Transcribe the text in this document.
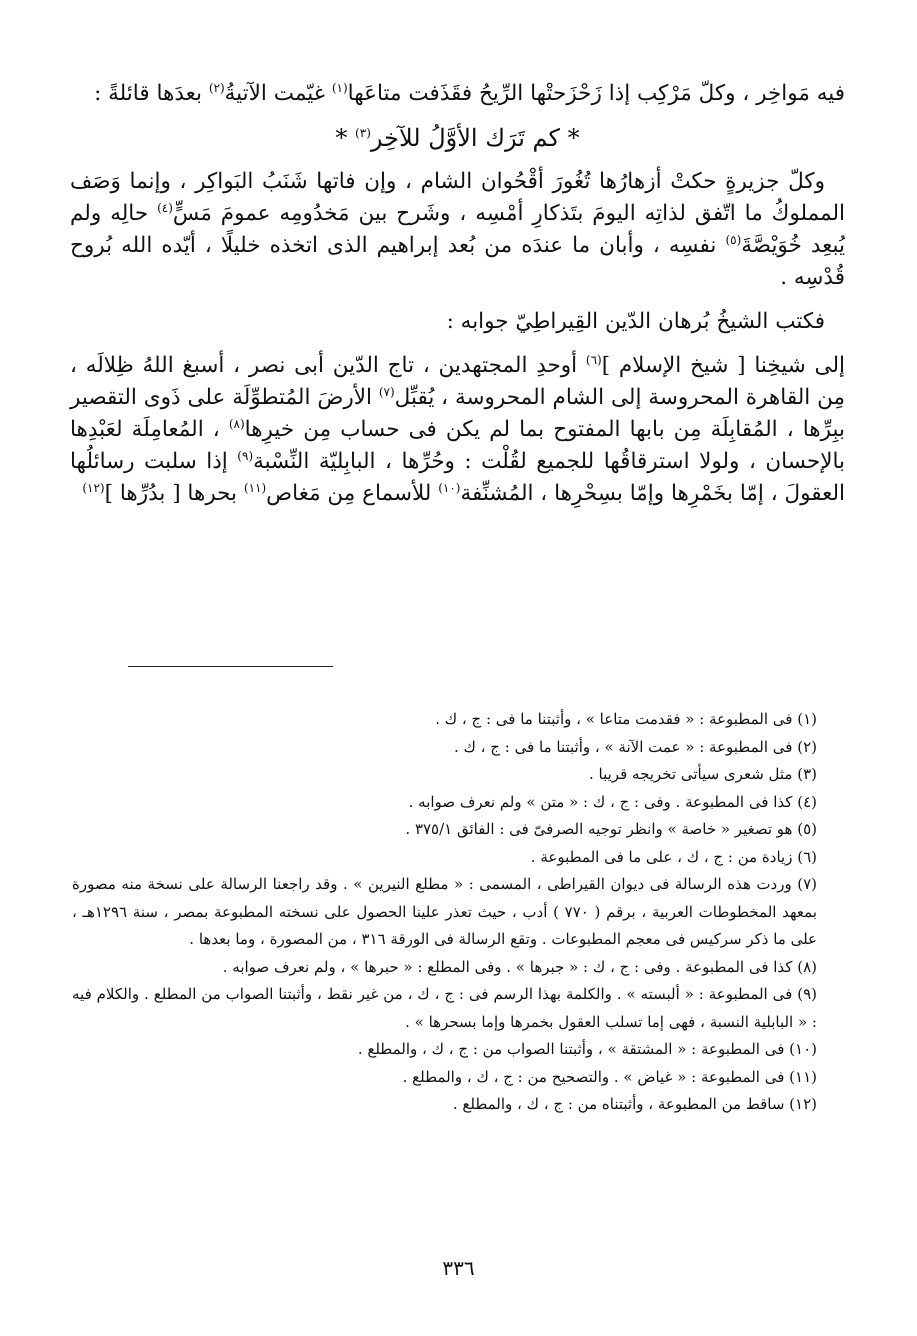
فيه مَواخِر ، وكلّ مَرْكِب إذا زَحْزَحتْها الرِّيحُ فقَذَفت متاعَها$^{(١)}$ غيّمت الآتيةُ$^{(٢)}$ بعدَها قائلةً :

* كم تَرَك الأوَّلُ للآخِر$^{(٣)}$ *

وكلّ جزيرةٍ حكتْ أزهارُها تُغُورَ أقْحُوان الشام ، وإن فاتها شَنَبُ البَواكِر ، وإنما وَصَف المملوكُ ما اتّفق لذاتِه اليومَ بتَذكارِ أمْسِه ، وشَرح بين مَخدُومِه عمومَ مَسٍّ$^{(٤)}$ حالِه ولم يُبعِد خُوَيْصَّةَ$^{(٥)}$ نفسِه ، وأبان ما عندَه من بُعد إبراهيم الذى اتخذه خليلًا ، أيّده الله بُروح قُدْسِه .

فكتب الشيخُ بُرهان الدّين القِيراطِيّ جوابه :

إلى شيخِنا [ شيخ الإسلام ]$^{(٦)}$ أوحدِ المجتهدين ، تاج الدّين أبى نصر ، أسبغ اللهُ ظِلالَه ، مِن القاهرة المحروسة إلى الشام المحروسة ، يُقبِّل$^{(٧)}$ الأرضَ المُتطوِّلَة على ذَوى التقصير ببِرِّها ، المُقابِلَة مِن بابها المفتوح بما لم يكن فى حساب مِن خيرِها$^{(٨)}$ ، المُعامِلَة لعَبْدِها بالإحسان ، ولولا استرقاقُها للجميع لقُلْت : وحُرِّها ، البابِليّة النِّسْبة$^{(٩)}$ إذا سلبت رسائلُها العقولَ ، إمّا بخَمْرِها وإمّا بسِحْرِها ، المُشنِّفة$^{(١٠)}$ للأسماع مِن مَغاص$^{(١١)}$ بحرها [ بدُرِّها ]$^{(١٢)}$

(١) فى المطبوعة : « فقدمت متاعا » ، وأثبتنا ما فى : ج ، ك .

(٢) فى المطبوعة : « عمت الآنة » ، وأثبتنا ما فى : ج ، ك .

(٣) مثل شعرى سيأتى تخريجه قريبا .

(٤) كذا فى المطبوعة . وفى : ج ، ك : « متن » ولم نعرف صوابه .

(٥) هو تصغير « خاصة » وانظر توجيه الصرفىّ فى : الفائق ٣٧٥/١ .

(٦) زيادة من : ج ، ك ، على ما فى المطبوعة .

(٧) وردت هذه الرسالة فى ديوان القيراطى ، المسمى : « مطلع النيرين » . وقد راجعنا الرسالة على نسخة منه مصورة بمعهد المخطوطات العربية ، برقم ( ٧٧٠ ) أدب ، حيث تعذر علينا الحصول على نسخته المطبوعة بمصر ، سنة ١٢٩٦هـ ، على ما ذكر سركيس فى معجم المطبوعات . وتقع الرسالة فى الورقة ٣١٦ ، من المصورة ، وما بعدها .

(٨) كذا فى المطبوعة . وفى : ج ، ك : « جبرها » . وفى المطلع : « حبرها » ، ولم نعرف صوابه .

(٩) فى المطبوعة : « ألبسته » . والكلمة بهذا الرسم فى : ج ، ك ، من غير نقط ، وأثبتنا الصواب من المطلع . والكلام فيه : « البابلية النسبة ، فهى إما تسلب العقول بخمرها وإما بسحرها » .

(١٠) فى المطبوعة : « المشتقة » ، وأثبتنا الصواب من : ج ، ك ، والمطلع .

(١١) فى المطبوعة : « غياض » . والتصحيح من : ج ، ك ، والمطلع .

(١٢) ساقط من المطبوعة ، وأثبتناه من : ج ، ك ، والمطلع .

٣٣٦
